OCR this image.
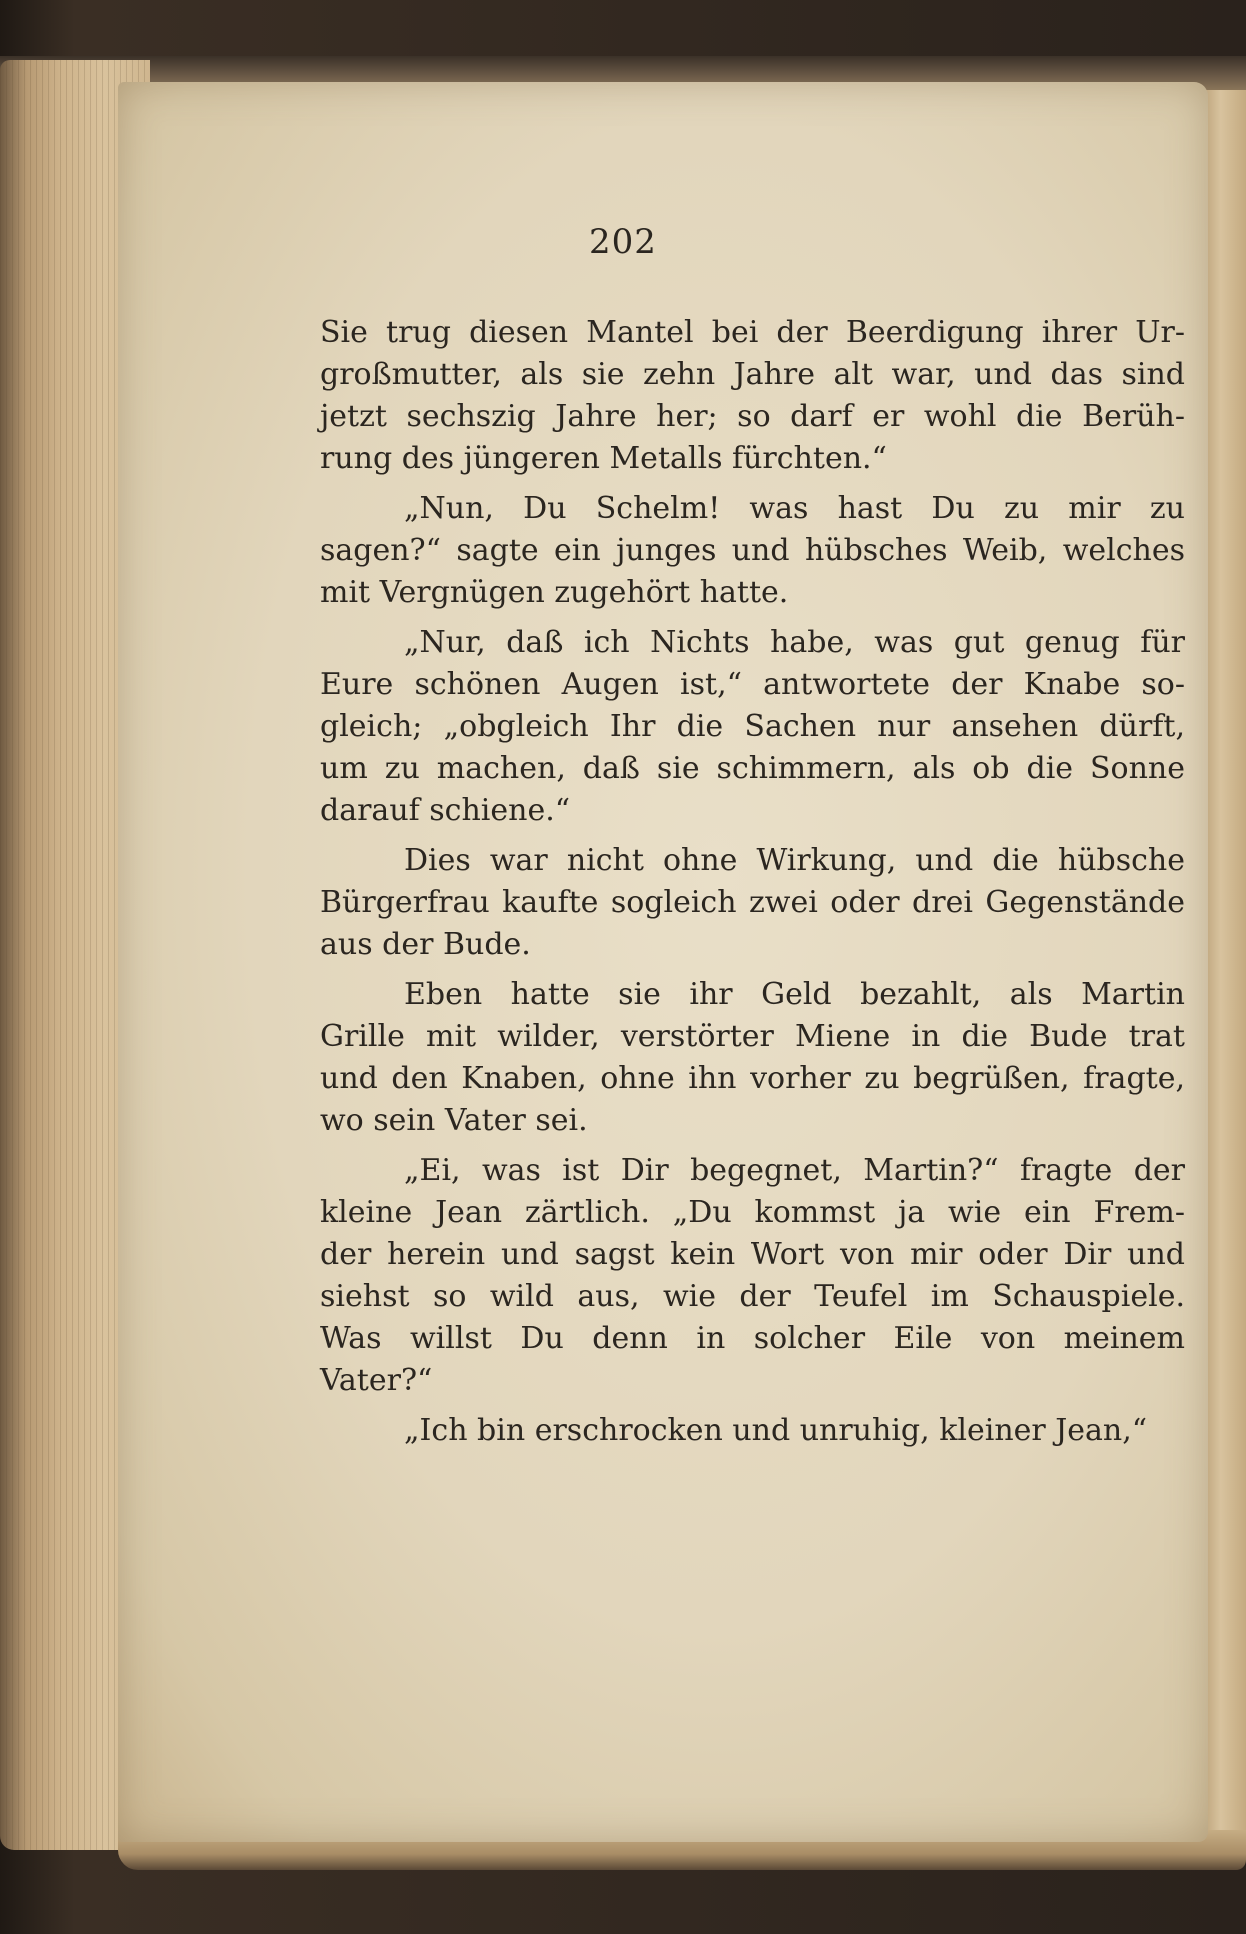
202
Sie trug diesen Mantel bei der Beerdigung ihrer Ur-
großmutter, als sie zehn Jahre alt war, und das sind
jetzt sechszig Jahre her; so darf er wohl die Berüh-
rung des jüngeren Metalls fürchten.“
„Nun, Du Schelm! was hast Du zu mir zu
sagen?“ sagte ein junges und hübsches Weib, welches
mit Vergnügen zugehört hatte.
„Nur, daß ich Nichts habe, was gut genug für
Eure schönen Augen ist,“ antwortete der Knabe so-
gleich; „obgleich Ihr die Sachen nur ansehen dürft,
um zu machen, daß sie schimmern, als ob die Sonne
darauf schiene.“
Dies war nicht ohne Wirkung, und die hübsche
Bürgerfrau kaufte sogleich zwei oder drei Gegenstände
aus der Bude.
Eben hatte sie ihr Geld bezahlt, als Martin
Grille mit wilder, verstörter Miene in die Bude trat
und den Knaben, ohne ihn vorher zu begrüßen, fragte,
wo sein Vater sei.
„Ei, was ist Dir begegnet, Martin?“ fragte der
kleine Jean zärtlich. „Du kommst ja wie ein Frem-
der herein und sagst kein Wort von mir oder Dir und
siehst so wild aus, wie der Teufel im Schauspiele.
Was willst Du denn in solcher Eile von meinem
Vater?“
„Ich bin erschrocken und unruhig, kleiner Jean,“
